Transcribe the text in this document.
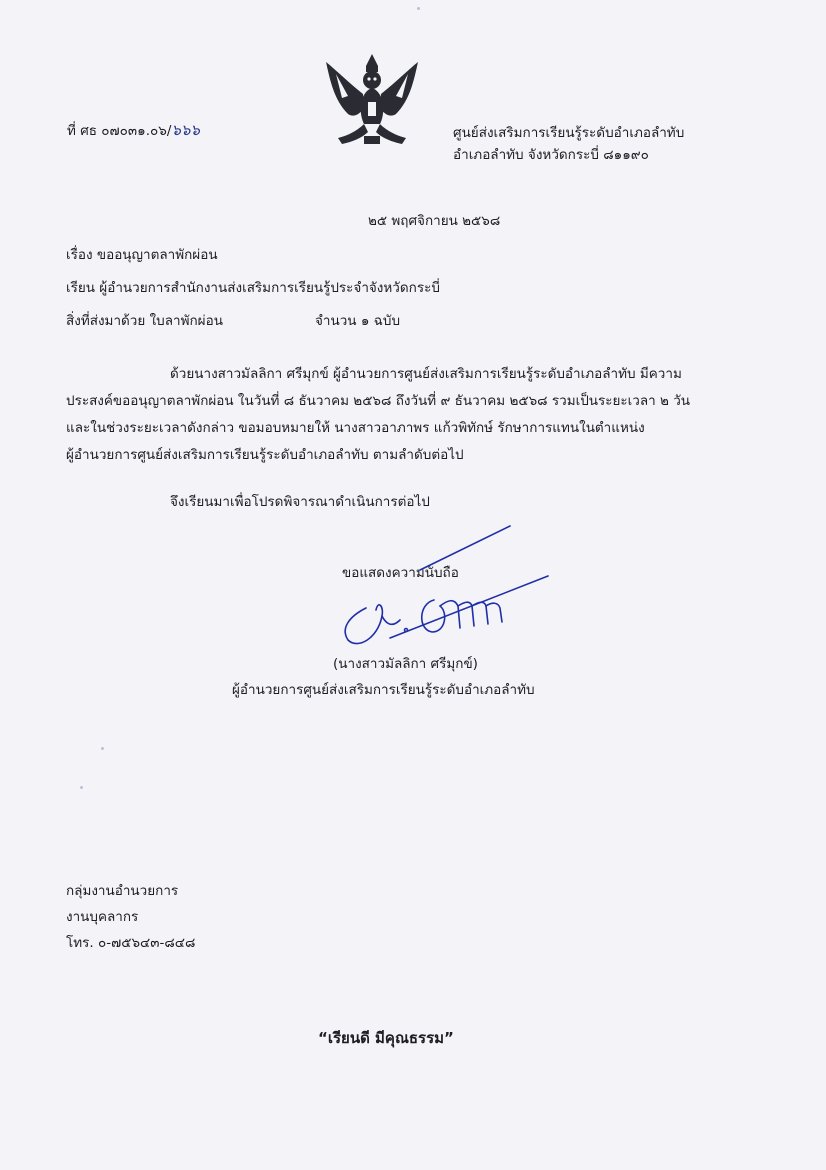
ที่ ศธ ๐๗๐๓๑.๐๖/๖๖๖	ศูนย์ส่งเสริมการเรียนรู้ระดับอำเภอลำทับ
อำเภอลำทับ จังหวัดกระบี่ ๘๑๑๙๐
๒๕ พฤศจิกายน ๒๕๖๘
เรื่อง ขออนุญาตลาพักผ่อน
เรียน ผู้อำนวยการสำนักงานส่งเสริมการเรียนรู้ประจำจังหวัดกระบี่
สิ่งที่ส่งมาด้วย ใบลาพักผ่อน	จำนวน ๑ ฉบับ
ด้วยนางสาวมัลลิกา ศรีมุกข์ ผู้อำนวยการศูนย์ส่งเสริมการเรียนรู้ระดับอำเภอลำทับ มีความ
ประสงค์ขออนุญาตลาพักผ่อน ในวันที่ ๘ ธันวาคม ๒๕๖๘ ถึงวันที่ ๙ ธันวาคม ๒๕๖๘ รวมเป็นระยะเวลา ๒ วัน
และในช่วงระยะเวลาดังกล่าว ขอมอบหมายให้ นางสาวอาภาพร แก้วพิทักษ์ รักษาการแทนในตำแหน่ง
ผู้อำนวยการศูนย์ส่งเสริมการเรียนรู้ระดับอำเภอลำทับ ตามลำดับต่อไป
จึงเรียนมาเพื่อโปรดพิจารณาดำเนินการต่อไป
ขอแสดงความนับถือ
(นางสาวมัลลิกา ศรีมุกข์)
ผู้อำนวยการศูนย์ส่งเสริมการเรียนรู้ระดับอำเภอลำทับ
กลุ่มงานอำนวยการ
งานบุคลากร
โทร. ๐-๗๕๖๔๓-๘๔๘
“เรียนดี มีคุณธรรม”
